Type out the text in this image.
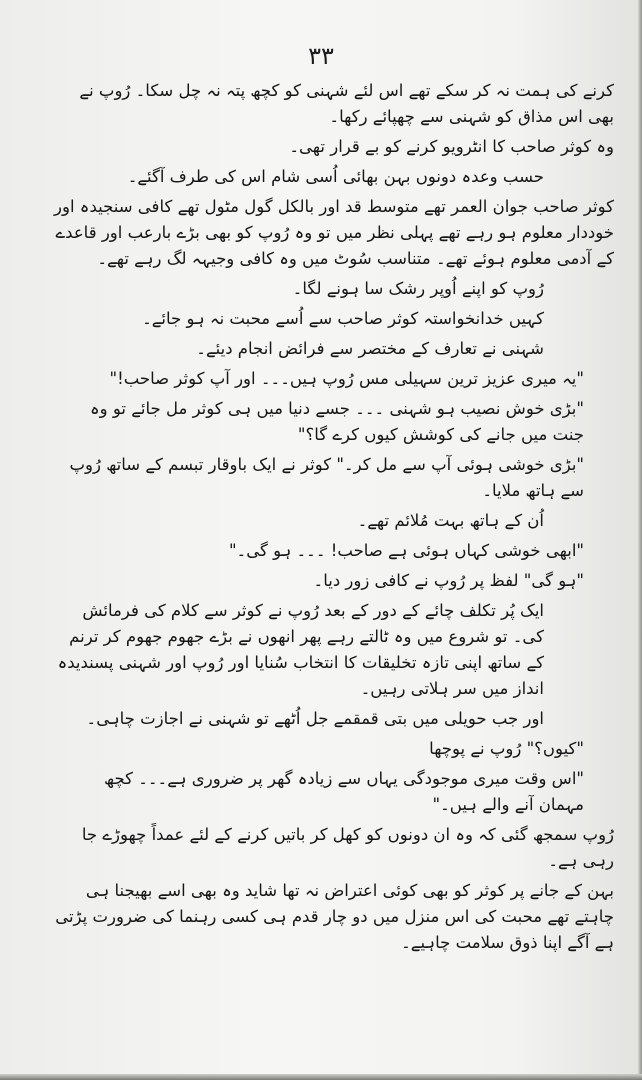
۳۳

کرنے کی ہمت نہ کر سکے تھے اس لئے شہنی کو کچھ پتہ نہ چل سکا۔ رُوپ نے بھی اس مذاق کو شہنی سے چھپائے رکھا۔

وہ کوثر صاحب کا انٹرویو کرنے کو بے قرار تھی۔

حسب وعدہ دونوں بہن بھائی اُسی شام اس کی طرف آگئے۔

کوثر صاحب جوان العمر تھے متوسط قد اور بالکل گول مٹول تھے کافی سنجیدہ اور خوددار معلوم ہو رہے تھے پہلی نظر میں تو وہ رُوپ کو بھی بڑے بارعب اور قاعدے کے آدمی معلوم ہوئے تھے۔ متناسب سُوٹ میں وہ کافی وجیہہ لگ رہے تھے۔

رُوپ کو اپنے اُوپر رشک سا ہونے لگا۔

کہیں خدانخواستہ کوثر صاحب سے اُسے محبت نہ ہو جائے۔

شہنی نے تعارف کے مختصر سے فرائض انجام دیئے۔

"یہ میری عزیز ترین سہیلی مس رُوپ ہیں۔۔۔ اور آپ کوثر صاحب!"

"بڑی خوش نصیب ہو شہنی ۔۔۔ جسے دنیا میں ہی کوثر مل جائے تو وہ جنت میں جانے کی کوشش کیوں کرے گا؟"

"بڑی خوشی ہوئی آپ سے مل کر۔" کوثر نے ایک باوقار تبسم کے ساتھ رُوپ سے ہاتھ ملایا۔

اُن کے ہاتھ بہت مُلائم تھے۔

"ابھی خوشی کہاں ہوئی ہے صاحب! ۔۔۔ ہو گی۔"

"ہو گی" لفظ پر رُوپ نے کافی زور دیا۔

ایک پُر تکلف چائے کے دور کے بعد رُوپ نے کوثر سے کلام کی فرمائش کی۔ تو شروع میں وہ ٹالتے رہے پھر انھوں نے بڑے جھوم جھوم کر ترنم کے ساتھ اپنی تازہ تخلیقات کا انتخاب سُنایا اور رُوپ اور شہنی پسندیدہ انداز میں سر ہلاتی رہیں۔

اور جب حویلی میں بتی قمقمے جل اُٹھے تو شہنی نے اجازت چاہی۔

"کیوں؟" رُوپ نے پوچھا

"اس وقت میری موجودگی یہاں سے زیادہ گھر پر ضروری ہے۔۔۔ کچھ مہمان آنے والے ہیں۔"

رُوپ سمجھ گئی کہ وہ ان دونوں کو کھل کر باتیں کرنے کے لئے عمداً چھوڑے جا رہی ہے۔

بہن کے جانے پر کوثر کو بھی کوئی اعتراض نہ تھا شاید وہ بھی اسے بھیجنا ہی چاہتے تھے محبت کی اس منزل میں دو چار قدم ہی کسی رہنما کی ضرورت پڑتی ہے آگے اپنا ذوق سلامت چاہیے۔
